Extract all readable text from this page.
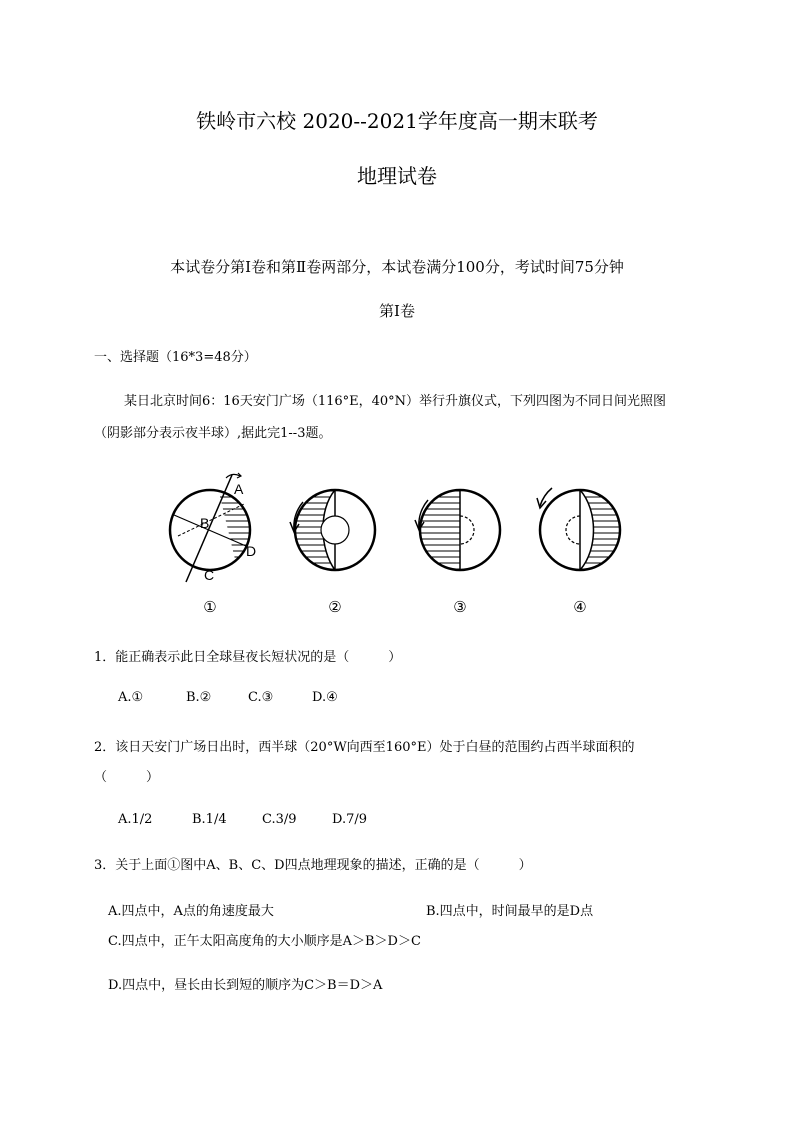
铁岭市六校 2020--2021学年度高一期末联考
地理试卷
本试卷分第Ⅰ卷和第Ⅱ卷两部分，本试卷满分100分，考试时间75分钟
第Ⅰ卷
一、选择题（16*3=48分）
某日北京时间6：16天安门广场（116°E，40°N）举行升旗仪式，下列四图为不同日间光照图
（阴影部分表示夜半球）,据此完1--3题。
A
B
C
D
①	②	③	④
1．能正确表示此日全球昼夜长短状况的是（　　　）
A.①	B.②	C.③	D.④
2．该日天安门广场日出时，西半球（20°W向西至160°E）处于白昼的范围约占西半球面积的
（　　　）
A.1/2	B.1/4	C.3/9	D.7/9
3．关于上面①图中A、B、C、D四点地理现象的描述，正确的是（　　　）
A.四点中，A点的角速度最大	B.四点中，时间最早的是D点
C.四点中，正午太阳高度角的大小顺序是A＞B＞D＞C
D.四点中，昼长由长到短的顺序为C＞B＝D＞A
